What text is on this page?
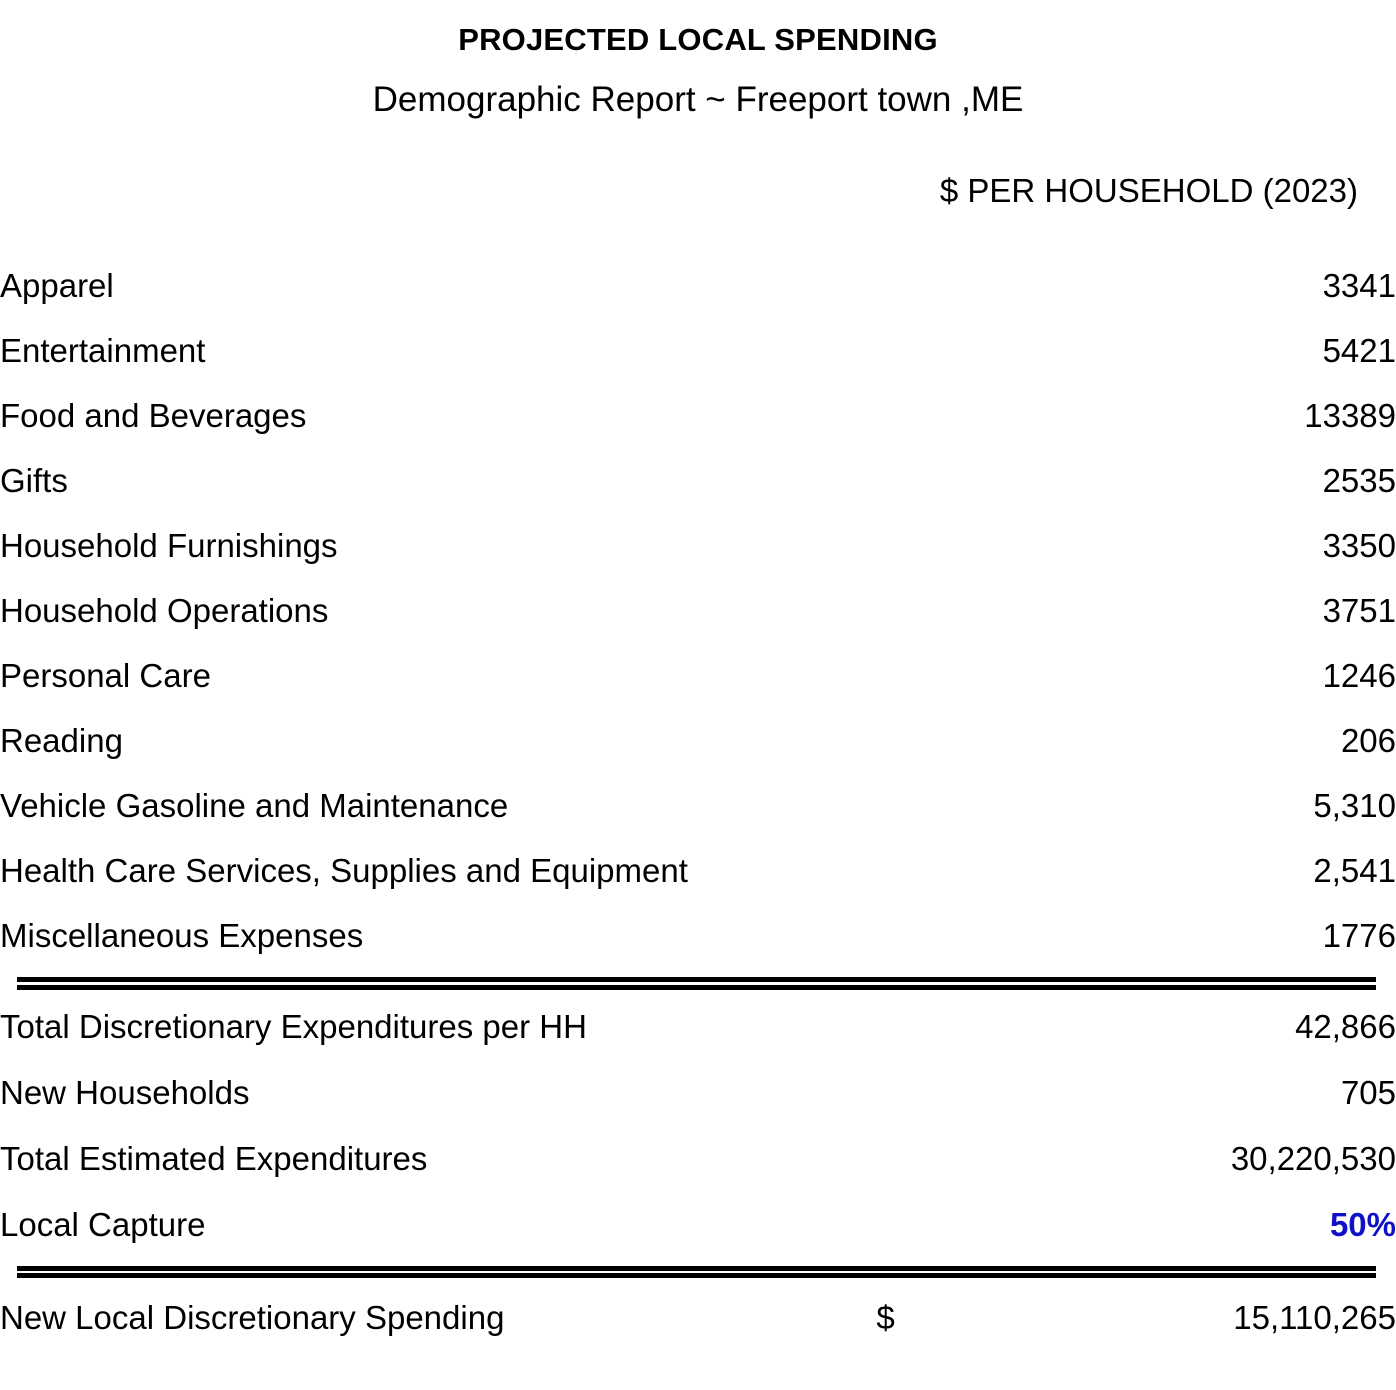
PROJECTED LOCAL SPENDING
Demographic Report ~ Freeport town ,ME
$ PER HOUSEHOLD (2023)
Apparel		3341
Entertainment		5421
Food and Beverages		13389
Gifts		2535
Household Furnishings		3350
Household Operations		3751
Personal Care		1246
Reading		206
Vehicle Gasoline and Maintenance		5,310
Health Care Services, Supplies and Equipment		2,541
Miscellaneous Expenses		1776

Total Discretionary Expenditures per HH		42,866
New Households		705
Total Estimated Expenditures		30,220,530
Local Capture		50%

New Local Discretionary Spending	$	15,110,265
